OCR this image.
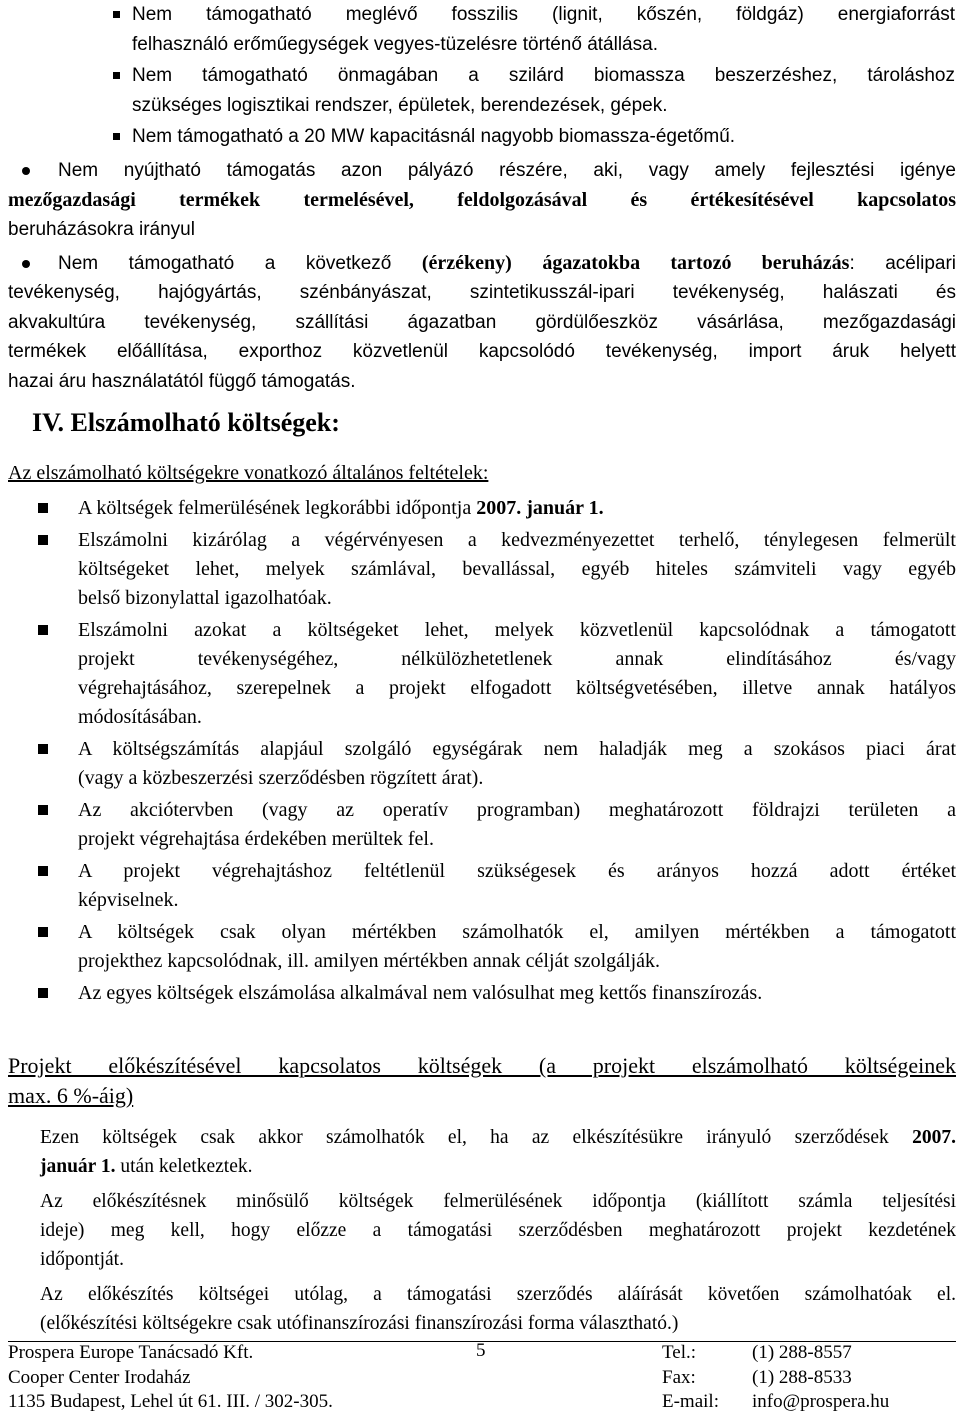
Nem támogatható meglévő fosszilis (lignit, kőszén, földgáz) energiaforrást
felhasználó erőműegységek vegyes-tüzelésre történő átállása.
Nem támogatható önmagában a szilárd biomassza beszerzéshez, tároláshoz
szükséges logisztikai rendszer, épületek, berendezések, gépek.
Nem támogatható a 20 MW kapacitásnál nagyobb biomassza-égetőmű.
Nem nyújtható támogatás azon pályázó részére, aki, vagy amely fejlesztési igénye
mezőgazdasági termékek termelésével, feldolgozásával és értékesítésével kapcsolatos
beruházásokra irányul
Nem támogatható a következő (érzékeny) ágazatokba tartozó beruházás: acélipari
tevékenység, hajógyártás, szénbányászat, szintetikusszál-ipari tevékenység, halászati és
akvakultúra tevékenység, szállítási ágazatban gördülőeszköz vásárlása, mezőgazdasági
termékek előállítása, exporthoz közvetlenül kapcsolódó tevékenység, import áruk helyett
hazai áru használatától függő támogatás.
IV. Elszámolható költségek:
Az elszámolható költségekre vonatkozó általános feltételek:
A költségek felmerülésének legkorábbi időpontja 2007. január 1.
Elszámolni kizárólag a végérvényesen a kedvezményezettet terhelő, ténylegesen felmerült
költségeket lehet, melyek számlával, bevallással, egyéb hiteles számviteli vagy egyéb
belső bizonylattal igazolhatóak.
Elszámolni azokat a költségeket lehet, melyek közvetlenül kapcsolódnak a támogatott
projekt tevékenységéhez, nélkülözhetetlenek annak elindításához és/vagy
végrehajtásához, szerepelnek a projekt elfogadott költségvetésében, illetve annak hatályos
módosításában.
A költségszámítás alapjául szolgáló egységárak nem haladják meg a szokásos piaci árat
(vagy a közbeszerzési szerződésben rögzített árat).
Az akciótervben (vagy az operatív programban) meghatározott földrajzi területen a
projekt végrehajtása érdekében merültek fel.
A projekt végrehajtáshoz feltétlenül szükségesek és arányos hozzá adott értéket
képviselnek.
A költségek csak olyan mértékben számolhatók el, amilyen mértékben a támogatott
projekthez kapcsolódnak, ill. amilyen mértékben annak célját szolgálják.
Az egyes költségek elszámolása alkalmával nem valósulhat meg kettős finanszírozás.
Projekt előkészítésével kapcsolatos költségek (a projekt elszámolható költségeinek
max. 6 %-áig)

Ezen költségek csak akkor számolhatók el, ha az elkészítésükre irányuló szerződések 2007.
január 1. után keletkeztek.

Az előkészítésnek minősülő költségek felmerülésének időpontja (kiállított számla teljesítési
ideje) meg kell, hogy előzze a támogatási szerződésben meghatározott projekt kezdetének
időpontját.

Az előkészítés költségei utólag, a támogatási szerződés aláírását követően számolhatóak el.
(előkészítési költségekre csak utófinanszírozási finanszírozási forma választható.)

Prospera Europe Tanácsadó Kft.
Cooper Center Irodaház
1135 Budapest, Lehel út 61. III. / 302-305.
5	Tel.:
Fax:
E-mail:
(1) 288-8557
(1) 288-8533
info@prospera.hu
